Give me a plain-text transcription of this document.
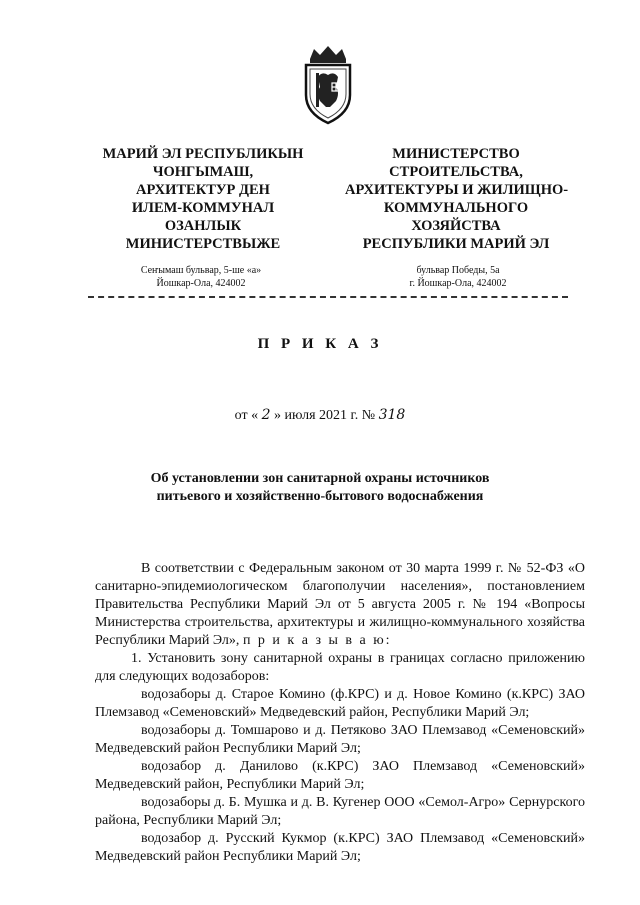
МАРИЙ ЭЛ РЕСПУБЛИКЫН
ЧОНГЫМАШ,
АРХИТЕКТУР ДЕН
ИЛЕМ-КОММУНАЛ
ОЗАНЛЫК
МИНИСТЕРСТВЫЖЕ
МИНИСТЕРСТВО
СТРОИТЕЛЬСТВА,
АРХИТЕКТУРЫ И ЖИЛИЩНО-
КОММУНАЛЬНОГО
ХОЗЯЙСТВА
РЕСПУБЛИКИ МАРИЙ ЭЛ
Сеҥымаш бульвар, 5-ше «а»
Йошкар-Ола, 424002
бульвар Победы, 5а
г. Йошкар-Ола, 424002
П Р И К А З
от « 2 » июля 2021 г. № 318
Об установлении зон санитарной охраны источников
питьевого и хозяйственно-бытового водоснабжения

В соответствии с Федеральным законом от 30 марта 1999 г. № 52-ФЗ «О санитарно-эпидемиологическом благополучии населения», постановлением Правительства Республики Марий Эл от 5 августа 2005 г. № 194 «Вопросы Министерства строительства, архитектуры и жилищно-коммунального хозяйства Республики Марий Эл», п р и к а з ы в а ю:

1. Установить зону санитарной охраны в границах согласно приложению для следующих водозаборов:

водозаборы д. Старое Комино (ф.КРС) и д. Новое Комино (к.КРС) ЗАО Племзавод «Семеновский» Медведевский район, Республики Марий Эл;

водозаборы д. Томшарово и д. Петяково ЗАО Племзавод «Семеновский» Медведевский район Республики Марий Эл;

водозабор д. Данилово (к.КРС) ЗАО Племзавод «Семеновский» Медведевский район, Республики Марий Эл;

водозаборы д. Б. Мушка и д. В. Кугенер ООО «Семол-Агро» Сернурского района, Республики Марий Эл;

водозабор д. Русский Кукмор (к.КРС) ЗАО Племзавод «Семеновский» Медведевский район Республики Марий Эл;
